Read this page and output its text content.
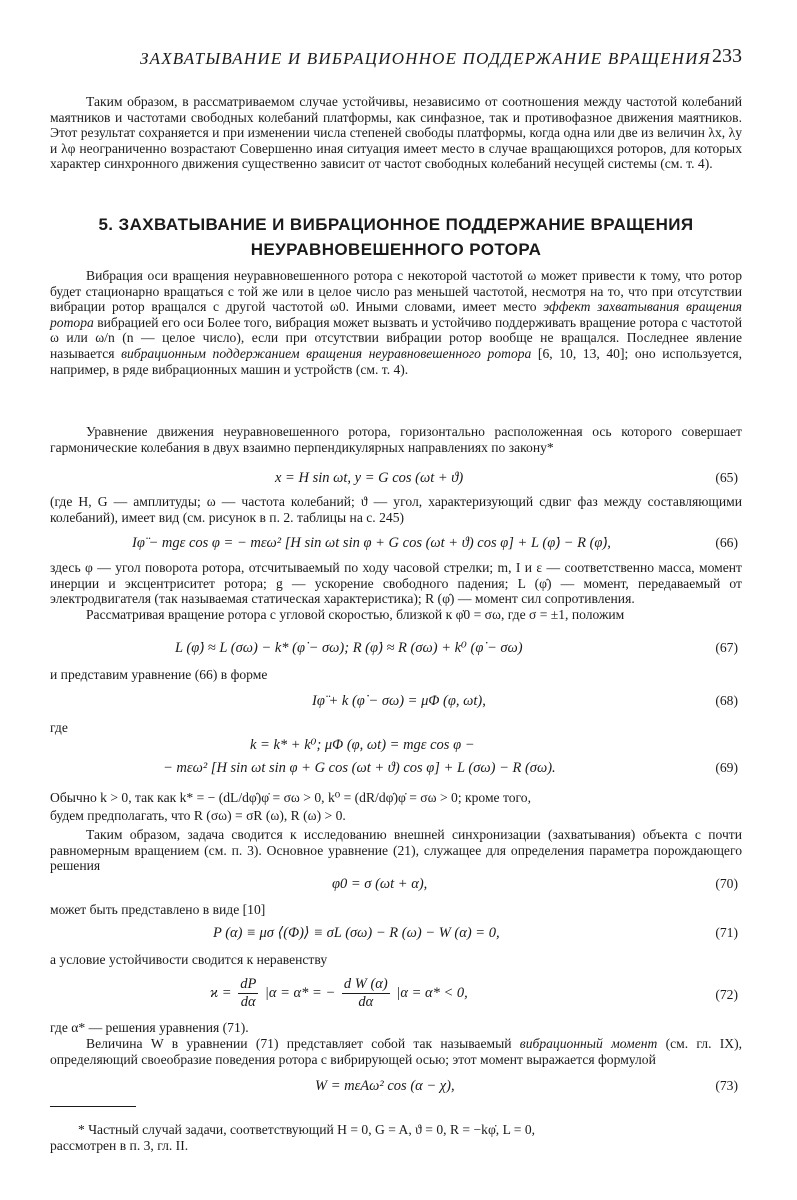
ЗАХВАТЫВАНИЕ И ВИБРАЦИОННОЕ ПОДДЕРЖАНИЕ ВРАЩЕНИЯ 233
Таким образом, в рассматриваемом случае устойчивы, независимо от соотношения между частотой колебаний маятников и частотами свободных колебаний платформы, как синфазное, так и противофазное движения маятников. Этот результат сохраняется и при изменении числа степеней свободы платформы, когда одна или две из величин λx, λy и λφ неограниченно возрастают Совершенно иная ситуация имеет место в случае вращающихся роторов, для которых характер синхронного движения существенно зависит от частот свободных колебаний несущей системы (см. т. 4).
5. ЗАХВАТЫВАНИЕ И ВИБРАЦИОННОЕ ПОДДЕРЖАНИЕ ВРАЩЕНИЯ
НЕУРАВНОВЕШЕННОГО РОТОРА
Вибрация оси вращения неуравновешенного ротора с некоторой частотой ω может привести к тому, что ротор будет стационарно вращаться с той же или в целое число раз меньшей частотой, несмотря на то, что при отсутствии вибрации ротор вращался с другой частотой ω0. Иными словами, имеет место эффект захватывания вращения ротора вибрацией его оси Более того, вибрация может вызвать и устойчиво поддерживать вращение ротора с частотой ω или ω/n (n — целое число), если при отсутствии вибрации ротор вообще не вращался. Последнее явление называется вибрационным поддержанием вращения неуравновешенного ротора [6, 10, 13, 40]; оно используется, например, в ряде вибрационных машин и устройств (см. т. 4).
Уравнение движения неуравновешенного ротора, горизонтально расположенная ось которого совершает гармонические колебания в двух взаимно перпендикулярных направлениях по закону*
x = H sin ωt, y = G cos (ωt + ϑ)	(65)
(где H, G — амплитуды; ω — частота колебаний; ϑ — угол, характеризующий сдвиг фаз между составляющими колебаний), имеет вид (см. рисунок в п. 2. таблицы на с. 245)
Iφ̈ − mgε cos φ = − mεω² [H sin ωt sin φ + G cos (ωt + ϑ) cos φ] + L (φ̇) − R (φ̇),	(66)
здесь φ — угол поворота ротора, отсчитываемый по ходу часовой стрелки; m, I и ε — соответственно масса, момент инерции и эксцентриситет ротора; g — ускорение свободного падения; L (φ̇) — момент, передаваемый от электродвигателя (так называемая статическая характеристика); R (φ̇) — момент сил сопротивления.
Рассматривая вращение ротора с угловой скоростью, близкой к φ̇0 = σω, где σ = ±1, положим
L (φ̇) ≈ L (σω) − k* (φ̇ − σω); R (φ̇) ≈ R (σω) + k⁰ (φ̇ − σω)	(67)
и представим уравнение (66) в форме
Iφ̈ + k (φ̇ − σω) = μΦ (φ, ωt),	(68)
где
k = k* + k⁰; μΦ (φ, ωt) = mgε cos φ −
− mεω² [H sin ωt sin φ + G cos (ωt + ϑ) cos φ] + L (σω) − R (σω).	(69)
Обычно k > 0, так как k* = − (dL/dφ̇)φ̇ = σω > 0, k⁰ = (dR/dφ̇)φ̇ = σω > 0; кроме того,
будем предполагать, что R (σω) = σR (ω), R (ω) > 0.
Таким образом, задача сводится к исследованию внешней синхронизации (захватывания) объекта с почти равномерным вращением (см. п. 3). Основное уравнение (21), служащее для определения параметра порождающего решения
φ0 = σ (ωt + α),	(70)
может быть представлено в виде [10]
P (α) ≡ μσ ⟨(Φ)⟩ ≡ σL (σω) − R (ω) − W (α) = 0,	(71)
а условие устойчивости сводится к неравенству
$ϰ = \frac{dP}{d\alpha} |\alpha = \alpha*$ = − $\frac{\text{d W (α)}}{d\alpha} |\alpha = \alpha* < 0$,	(72)
где α* — решения уравнения (71).
Величина W в уравнении (71) представляет собой так называемый вибрационный момент (см. гл. IX), определяющий своеобразие поведения ротора с вибрирующей осью; этот момент выражается формулой
W = mεAω² cos (α − χ),	(73)
* Частный случай задачи, соответствующий H = 0, G = A, ϑ = 0, R = −kφ̇, L = 0,
рассмотрен в п. 3, гл. II.
